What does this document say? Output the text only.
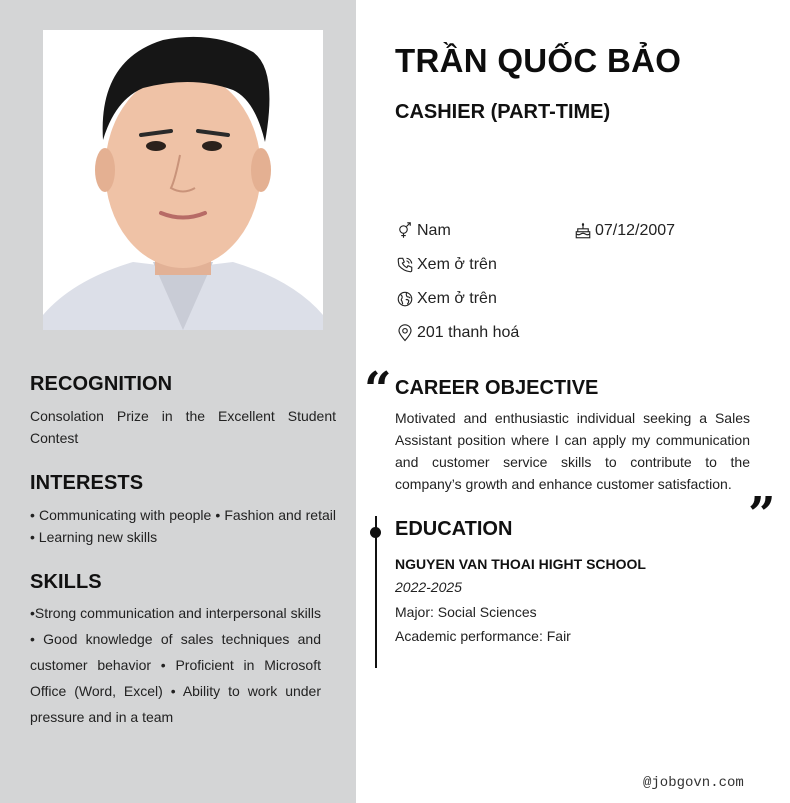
RECOGNITION
Consolation Prize in the Excellent Student Contest
INTERESTS
• Communicating with people • Fashion and retail • Learning new skills
SKILLS
•Strong communication and interpersonal skills • Good knowledge of sales techniques and customer behavior • Proficient in Microsoft Office (Word, Excel) • Ability to work under pressure and in a team
TRẦN QUỐC BẢO
CASHIER (PART-TIME)
Nam	07/12/2007
Xem ở trên
Xem ở trên
201 thanh hoá
“ CAREER OBJECTIVE
Motivated and enthusiastic individual seeking a Sales Assistant position where I can apply my communication and customer service skills to contribute to the company’s growth and enhance customer satisfaction.
”
EDUCATION
NGUYEN VAN THOAI HIGHT SCHOOL
2022-2025
Major: Social Sciences
Academic performance: Fair
@jobgovn.com
